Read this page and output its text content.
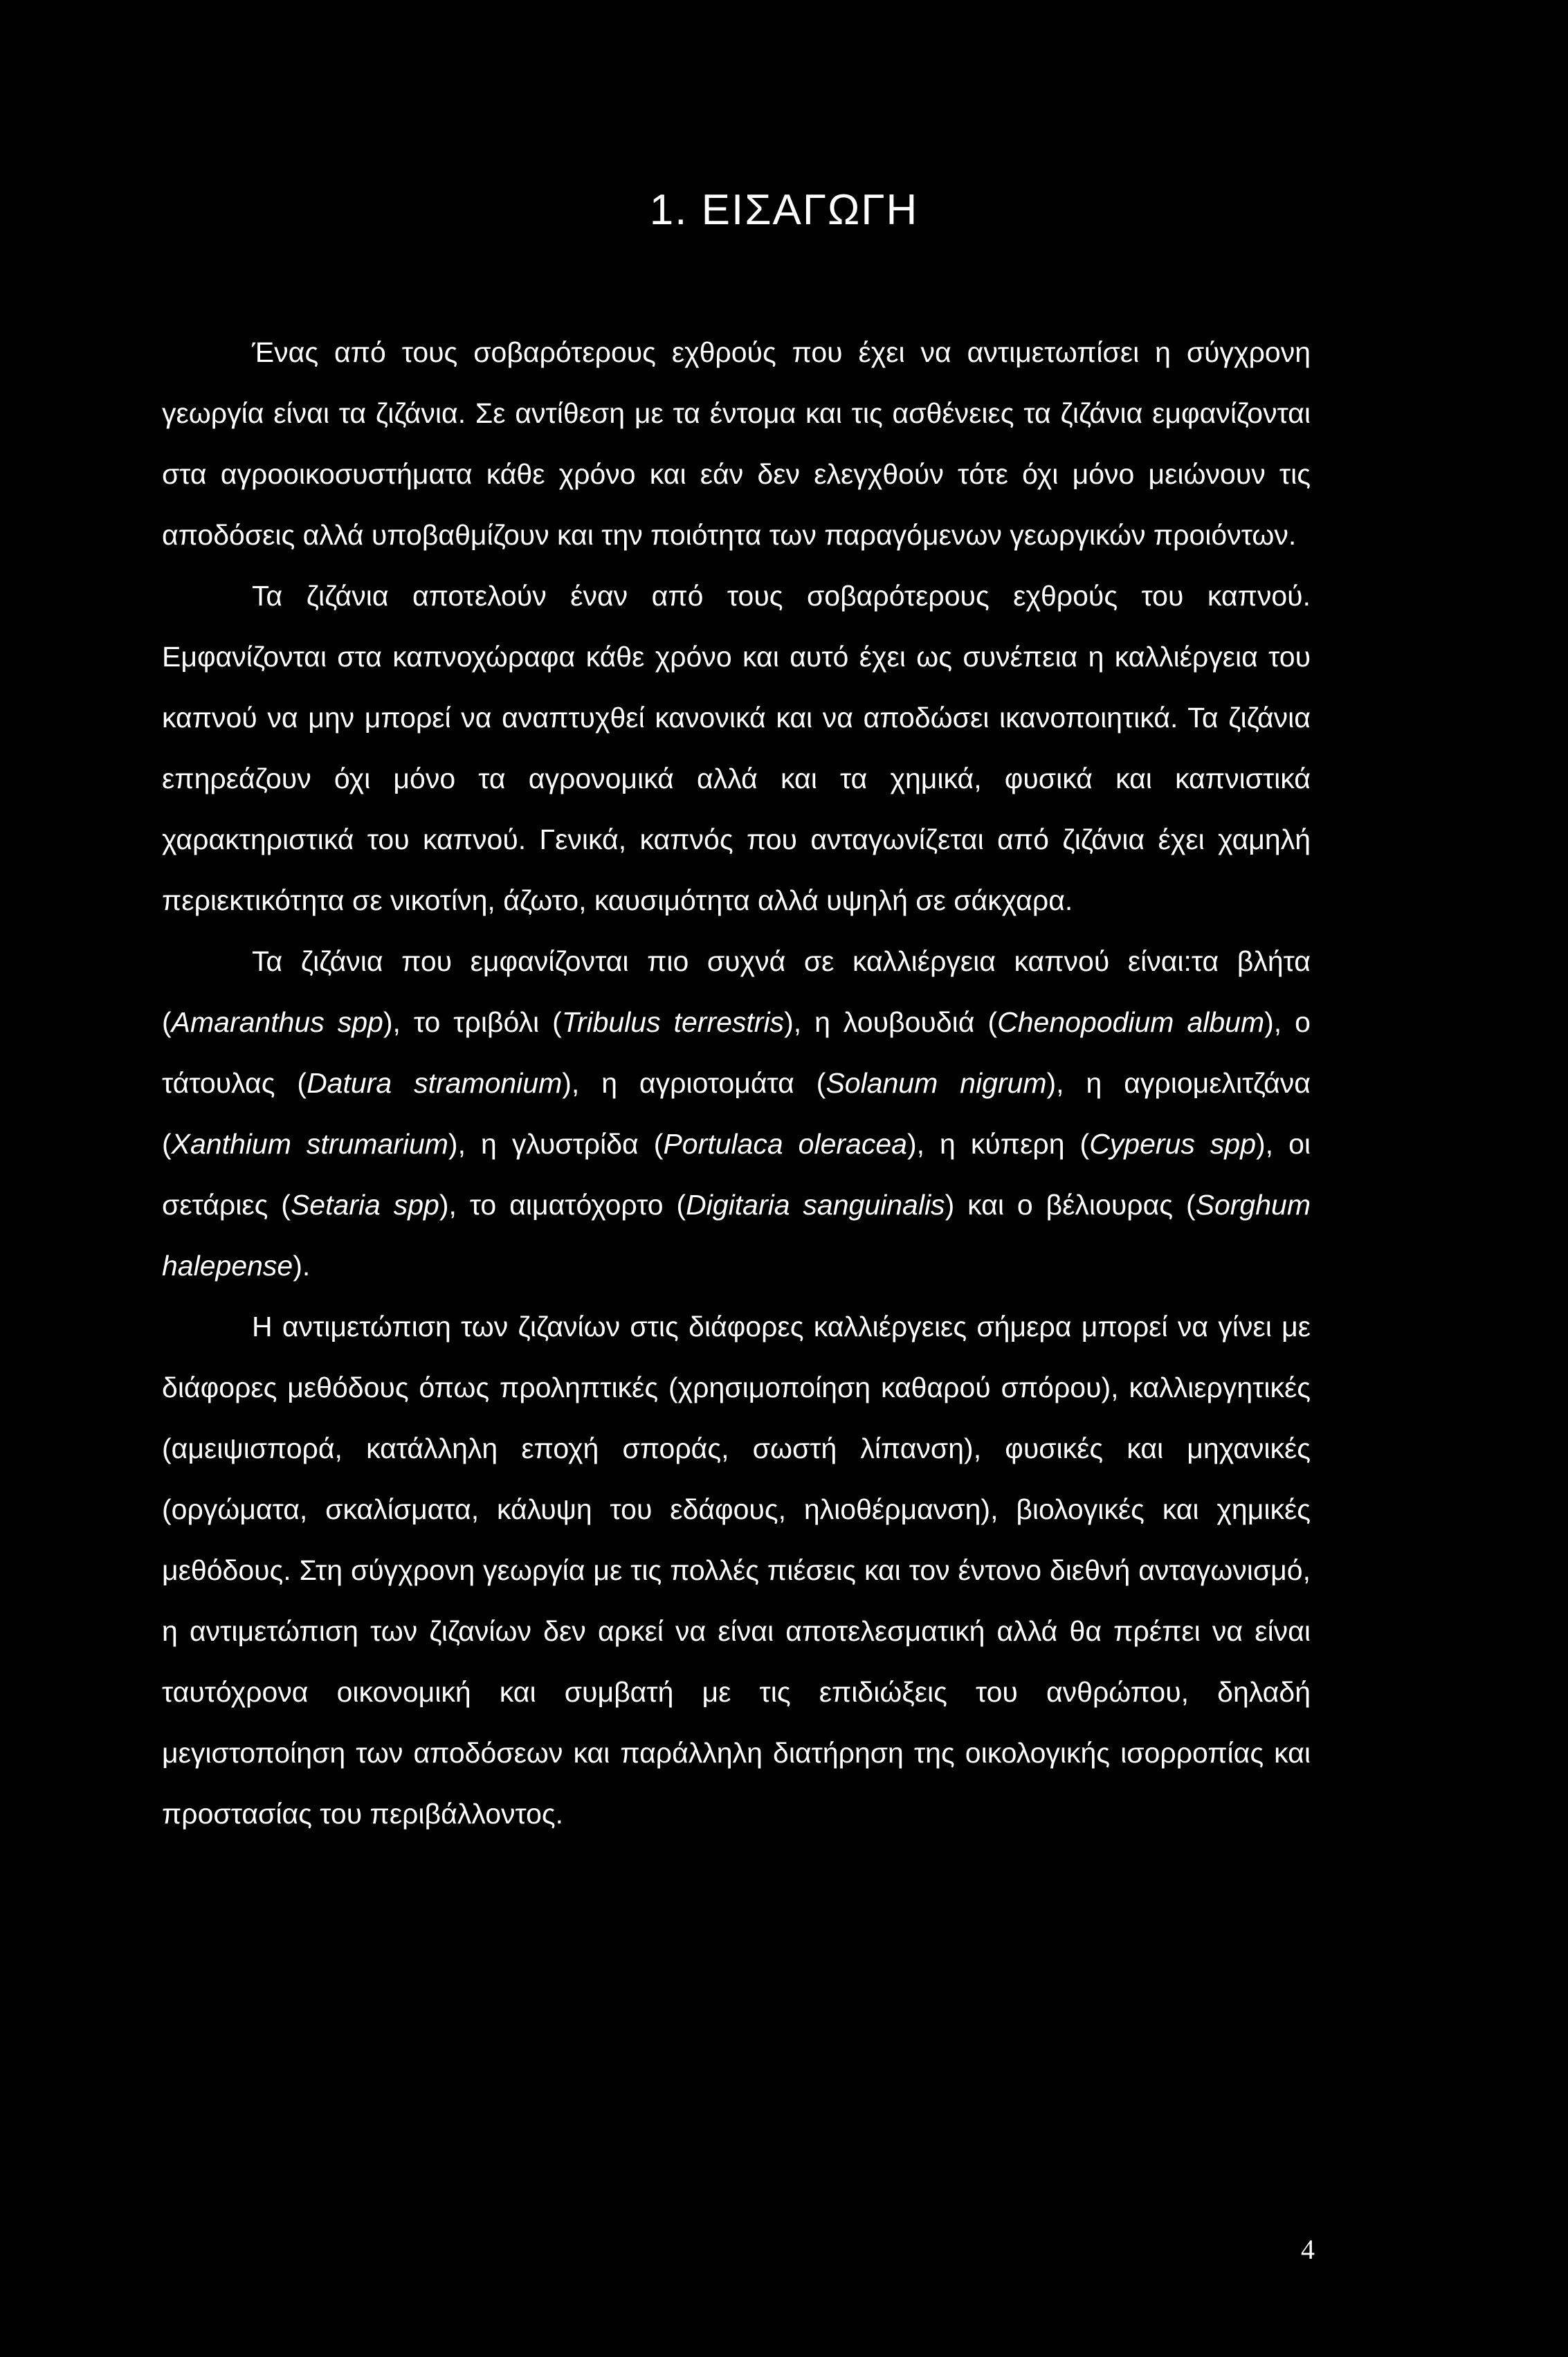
1. ΕΙΣΑΓΩΓΗ

Ένας από τους σοβαρότερους εχθρούς που έχει να αντιμετωπίσει η σύγχρονη γεωργία είναι τα ζιζάνια. Σε αντίθεση με τα έντομα και τις ασθένειες τα ζιζάνια εμφανίζονται στα αγροοικοσυστήματα κάθε χρόνο και εάν δεν ελεγχθούν τότε όχι μόνο μειώνουν τις αποδόσεις αλλά υποβαθμίζουν και την ποιότητα των παραγόμενων γεωργικών προιόντων.

Τα ζιζάνια αποτελούν έναν από τους σοβαρότερους εχθρούς του καπνού. Εμφανίζονται στα καπνοχώραφα κάθε χρόνο και αυτό έχει ως συνέπεια η καλλιέργεια του καπνού να μην μπορεί να αναπτυχθεί κανονικά και να αποδώσει ικανοποιητικά. Τα ζιζάνια επηρεάζουν όχι μόνο τα αγρονομικά αλλά και τα χημικά, φυσικά και καπνιστικά χαρακτηριστικά του καπνού. Γενικά, καπνός που ανταγωνίζεται από ζιζάνια έχει χαμηλή περιεκτικότητα σε νικοτίνη, άζωτο, καυσιμότητα αλλά υψηλή σε σάκχαρα.

Τα ζιζάνια που εμφανίζονται πιο συχνά σε καλλιέργεια καπνού είναι:τα βλήτα (Amaranthus spp), το τριβόλι (Tribulus terrestris), η λουβουδιά (Chenopodium album), ο τάτουλας (Datura stramonium), η αγριοτομάτα (Solanum nigrum), η αγριομελιτζάνα (Xanthium strumarium), η γλυστρίδα (Portulaca oleracea), η κύπερη (Cyperus spp), οι σετάριες (Setaria spp), το αιματόχορτο (Digitaria sanguinalis) και ο βέλιουρας (Sorghum halepense).

Η αντιμετώπιση των ζιζανίων στις διάφορες καλλιέργειες σήμερα μπορεί να γίνει με διάφορες μεθόδους όπως προληπτικές (χρησιμοποίηση καθαρού σπόρου), καλλιεργητικές (αμειψισπορά, κατάλληλη εποχή σποράς, σωστή λίπανση), φυσικές και μηχανικές (οργώματα, σκαλίσματα, κάλυψη του εδάφους, ηλιοθέρμανση), βιολογικές και χημικές μεθόδους. Στη σύγχρονη γεωργία με τις πολλές πιέσεις και τον έντονο διεθνή ανταγωνισμό, η αντιμετώπιση των ζιζανίων δεν αρκεί να είναι αποτελεσματική αλλά θα πρέπει να είναι ταυτόχρονα οικονομική και συμβατή με τις επιδιώξεις του ανθρώπου, δηλαδή μεγιστοποίηση των αποδόσεων και παράλληλη διατήρηση της οικολογικής ισορροπίας και προστασίας του περιβάλλοντος.

4
